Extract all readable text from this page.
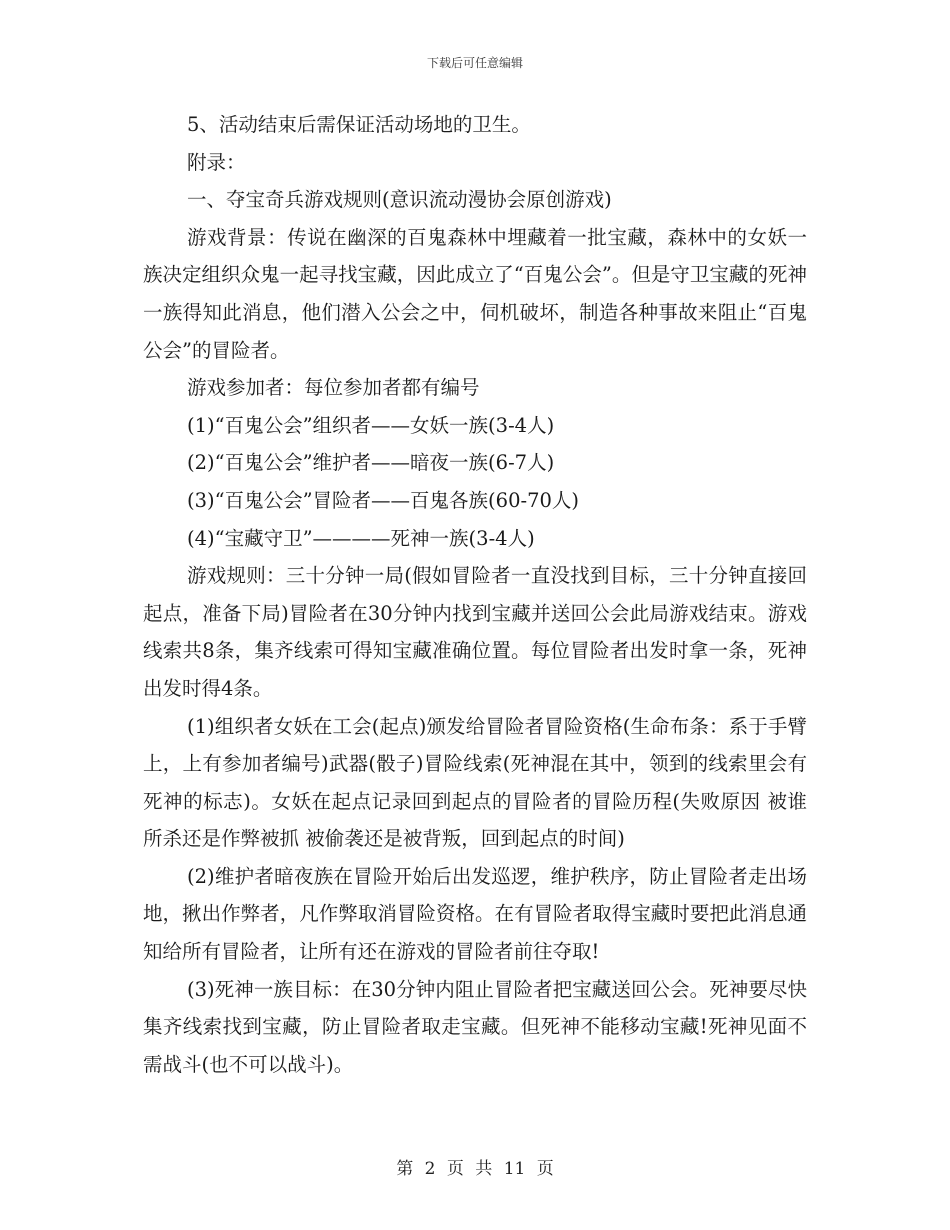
下载后可任意编辑

5、活动结束后需保证活动场地的卫生。

附录：

一、夺宝奇兵游戏规则(意识流动漫协会原创游戏)

游戏背景：传说在幽深的百鬼森林中埋藏着一批宝藏，森林中的女妖一族决定组织众鬼一起寻找宝藏，因此成立了“百鬼公会”。但是守卫宝藏的死神一族得知此消息，他们潜入公会之中，伺机破坏，制造各种事故来阻止“百鬼公会”的冒险者。

游戏参加者：每位参加者都有编号

(1)“百鬼公会”组织者——女妖一族(3-4人)

(2)“百鬼公会”维护者——暗夜一族(6-7人)

(3)“百鬼公会”冒险者——百鬼各族(60-70人)

(4)“宝藏守卫”————死神一族(3-4人)

游戏规则：三十分钟一局(假如冒险者一直没找到目标，三十分钟直接回起点，准备下局)冒险者在30分钟内找到宝藏并送回公会此局游戏结束。游戏线索共8条，集齐线索可得知宝藏准确位置。每位冒险者出发时拿一条，死神出发时得4条。

(1)组织者女妖在工会(起点)颁发给冒险者冒险资格(生命布条：系于手臂上，上有参加者编号)武器(骰子)冒险线索(死神混在其中，领到的线索里会有死神的标志)。女妖在起点记录回到起点的冒险者的冒险历程(失败原因 被谁所杀还是作弊被抓 被偷袭还是被背叛，回到起点的时间)

(2)维护者暗夜族在冒险开始后出发巡逻，维护秩序，防止冒险者走出场地，揪出作弊者，凡作弊取消冒险资格。在有冒险者取得宝藏时要把此消息通知给所有冒险者，让所有还在游戏的冒险者前往夺取!

(3)死神一族目标：在30分钟内阻止冒险者把宝藏送回公会。死神要尽快集齐线索找到宝藏，防止冒险者取走宝藏。但死神不能移动宝藏!死神见面不需战斗(也不可以战斗)。

第 2 页 共 11 页
